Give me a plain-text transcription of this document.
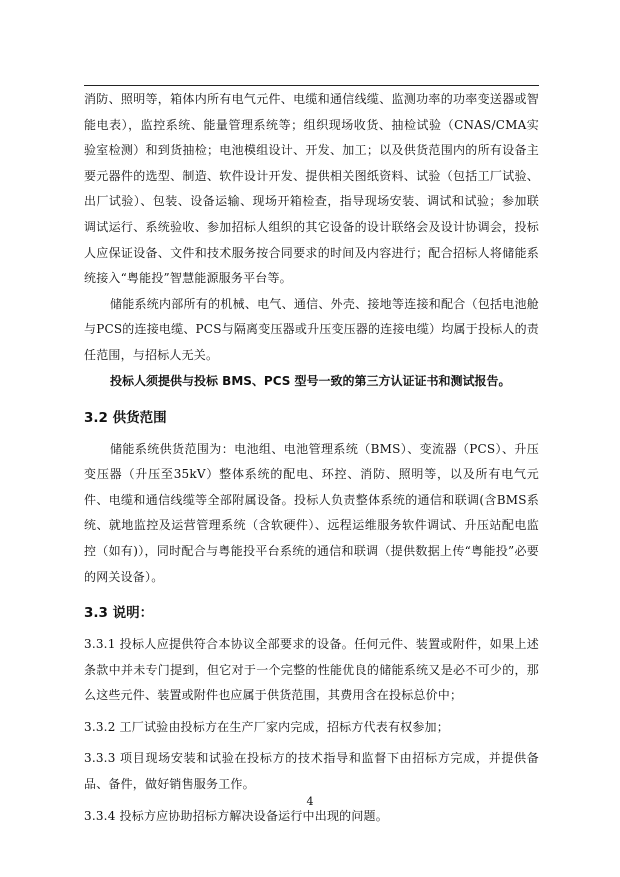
消防、照明等，箱体内所有电气元件、电缆和通信线缆、监测功率的功率变送器或智能电表），监控系统、能量管理系统等；组织现场收货、抽检试验（CNAS/CMA实验室检测）和到货抽检；电池模组设计、开发、加工；以及供货范围内的所有设备主要元器件的选型、制造、软件设计开发、提供相关图纸资料、试验（包括工厂试验、出厂试验）、包装、设备运输、现场开箱检查，指导现场安装、调试和试验；参加联调试运行、系统验收、参加招标人组织的其它设备的设计联络会及设计协调会，投标人应保证设备、文件和技术服务按合同要求的时间及内容进行；配合招标人将储能系统接入“粤能投”智慧能源服务平台等。

储能系统内部所有的机械、电气、通信、外壳、接地等连接和配合（包括电池舱与PCS的连接电缆、PCS与隔离变压器或升压变压器的连接电缆）均属于投标人的责任范围，与招标人无关。

投标人须提供与投标 BMS、PCS 型号一致的第三方认证证书和测试报告。

3.2 供货范围

储能系统供货范围为：电池组、电池管理系统（BMS）、变流器（PCS）、升压变压器（升压至35kV）整体系统的配电、环控、消防、照明等，以及所有电气元件、电缆和通信线缆等全部附属设备。投标人负责整体系统的通信和联调(含BMS系统、就地监控及运营管理系统（含软硬件）、远程运维服务软件调试、升压站配电监控（如有)），同时配合与粤能投平台系统的通信和联调（提供数据上传“粤能投”必要的网关设备）。

3.3 说明：

3.3.1 投标人应提供符合本协议全部要求的设备。任何元件、装置或附件，如果上述条款中并未专门提到，但它对于一个完整的性能优良的储能系统又是必不可少的，那么这些元件、装置或附件也应属于供货范围，其费用含在投标总价中；

3.3.2 工厂试验由投标方在生产厂家内完成，招标方代表有权参加；

3.3.3 项目现场安装和试验在投标方的技术指导和监督下由招标方完成，并提供备品、备件，做好销售服务工作。

3.3.4 投标方应协助招标方解决设备运行中出现的问题。

4
